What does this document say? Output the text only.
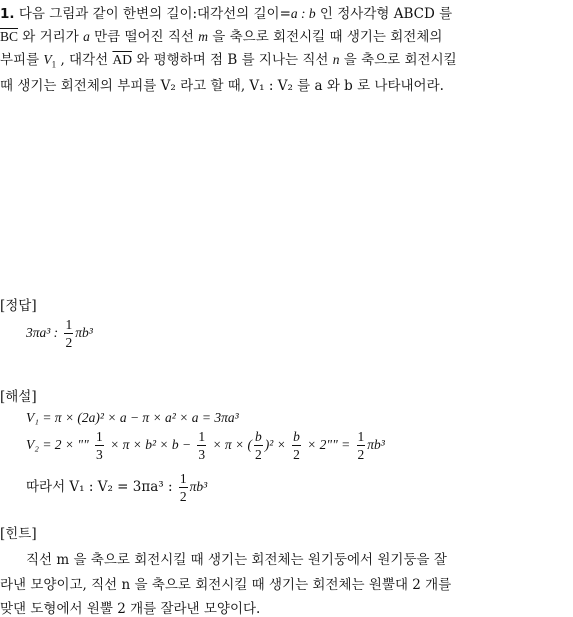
1. 다음 그림과 같이 한변의 길이:대각선의 길이=a : b 인 정사각형 ABCD 를
$\overline{BC}$ 와 거리가 a 만큼 떨어진 직선 m 을 축으로 회전시킬 때 생기는 회전체의
부피를 $V_1$ , 대각선 $\overline{AD}$ 와 평행하며 점 B 를 지나는 직선 n 을 축으로 회전시킬
때 생기는 회전체의 부피를 V₂ 라고 할 때, V₁ : V₂ 를 a 와 b 로 나타내어라.
[정답]
3πa³ : $\frac{1}{2} \pi b^3$
[해설]
V₁ = π × (2a)² × a − π × a² × a = 3πa³
V₂ = 2 × "" $\frac{1}{3} \times \pi \times b^2 \times b - \frac{1}{3} \times \pi$ × ( $\frac{b}{2} )^2 \times \frac{b}{2} \times 2$"" = $\frac{1}{2} \pi b^3$
따라서 V₁ : V₂ = 3πa³ : $\frac{1}{2} \pi b^3$
[힌트]
직선 m 을 축으로 회전시킬 때 생기는 회전체는 원기둥에서 원기둥을 잘
라낸 모양이고, 직선 n 을 축으로 회전시킬 때 생기는 회전체는 원뿔대 2 개를
맞댄 도형에서 원뿔 2 개를 잘라낸 모양이다.
